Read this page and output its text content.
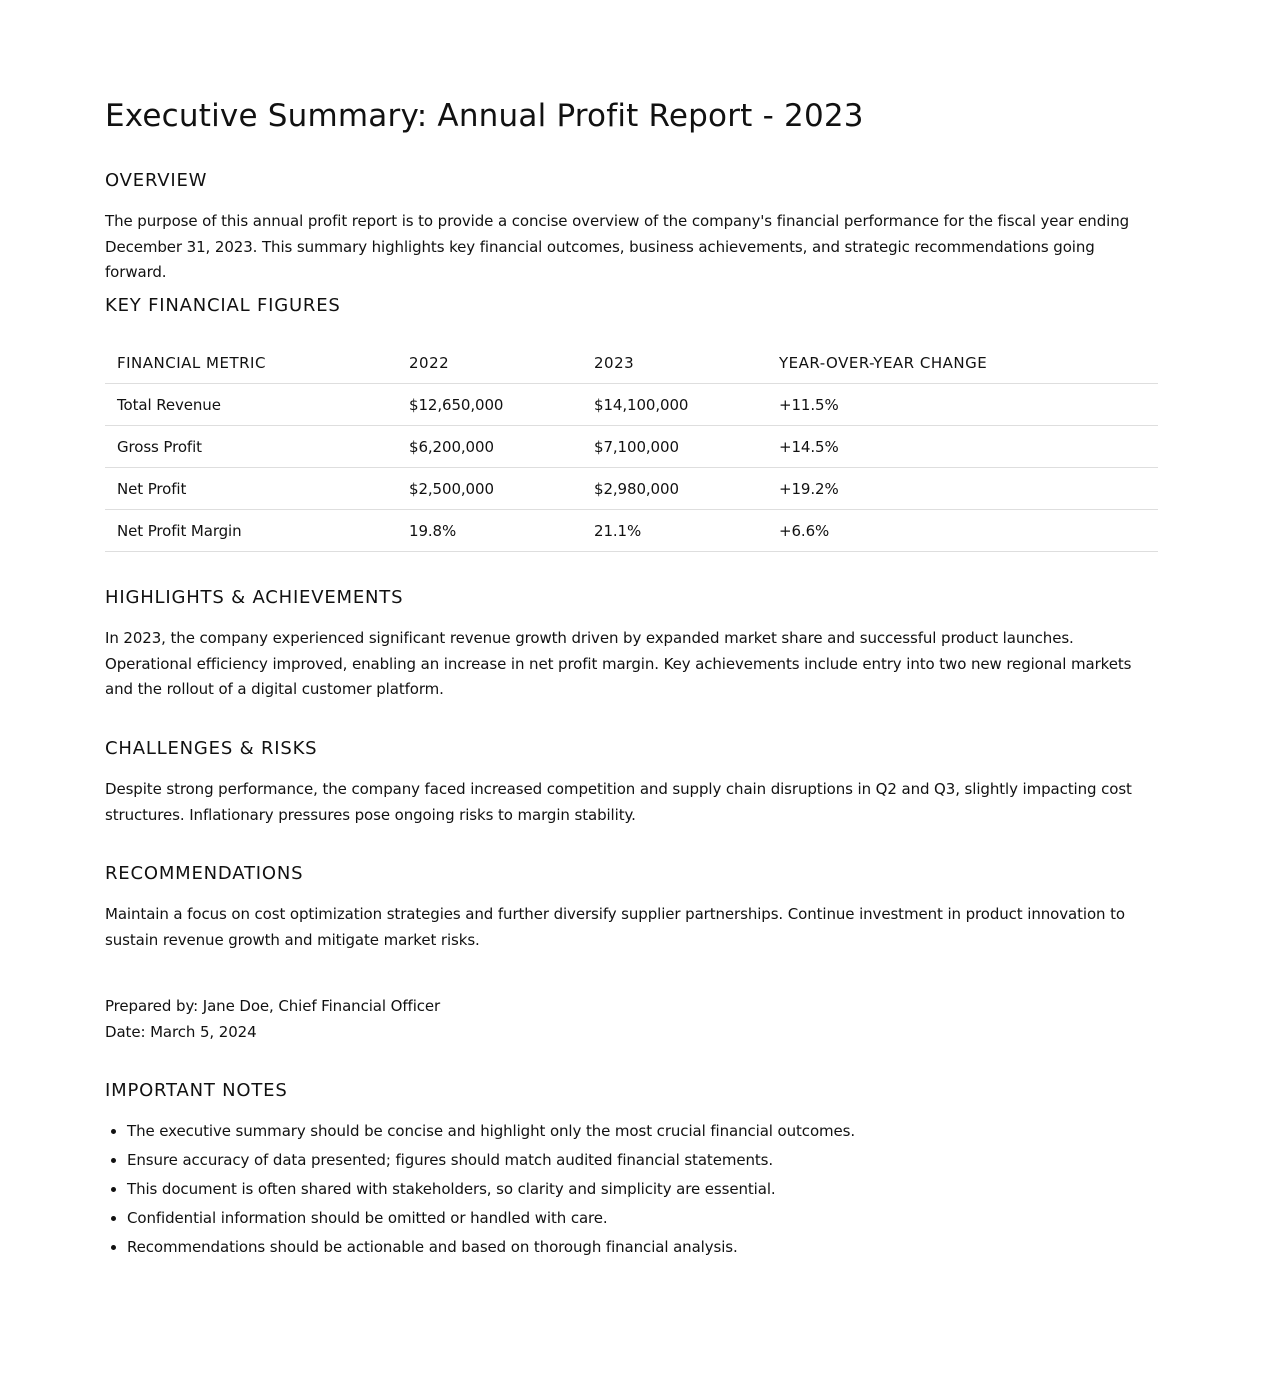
Executive Summary: Annual Profit Report - 2023
OVERVIEW

The purpose of this annual profit report is to provide a concise overview of the company's financial performance for the fiscal year ending December 31, 2023. This summary highlights key financial outcomes, business achievements, and strategic recommendations going forward.

KEY FINANCIAL FIGURES
FINANCIAL METRIC	2022	2023	YEAR-OVER-YEAR CHANGE
Total Revenue	$12,650,000	$14,100,000	+11.5%
Gross Profit	$6,200,000	$7,100,000	+14.5%
Net Profit	$2,500,000	$2,980,000	+19.2%
Net Profit Margin	19.8%	21.1%	+6.6%
HIGHLIGHTS & ACHIEVEMENTS

In 2023, the company experienced significant revenue growth driven by expanded market share and successful product launches. Operational efficiency improved, enabling an increase in net profit margin. Key achievements include entry into two new regional markets and the rollout of a digital customer platform.

CHALLENGES & RISKS

Despite strong performance, the company faced increased competition and supply chain disruptions in Q2 and Q3, slightly impacting cost structures. Inflationary pressures pose ongoing risks to margin stability.

RECOMMENDATIONS

Maintain a focus on cost optimization strategies and further diversify supplier partnerships. Continue investment in product innovation to sustain revenue growth and mitigate market risks.

Prepared by: Jane Doe, Chief Financial Officer
Date: March 5, 2024
IMPORTANT NOTES
• The executive summary should be concise and highlight only the most crucial financial outcomes.
• Ensure accuracy of data presented; figures should match audited financial statements.
• This document is often shared with stakeholders, so clarity and simplicity are essential.
• Confidential information should be omitted or handled with care.
• Recommendations should be actionable and based on thorough financial analysis.
